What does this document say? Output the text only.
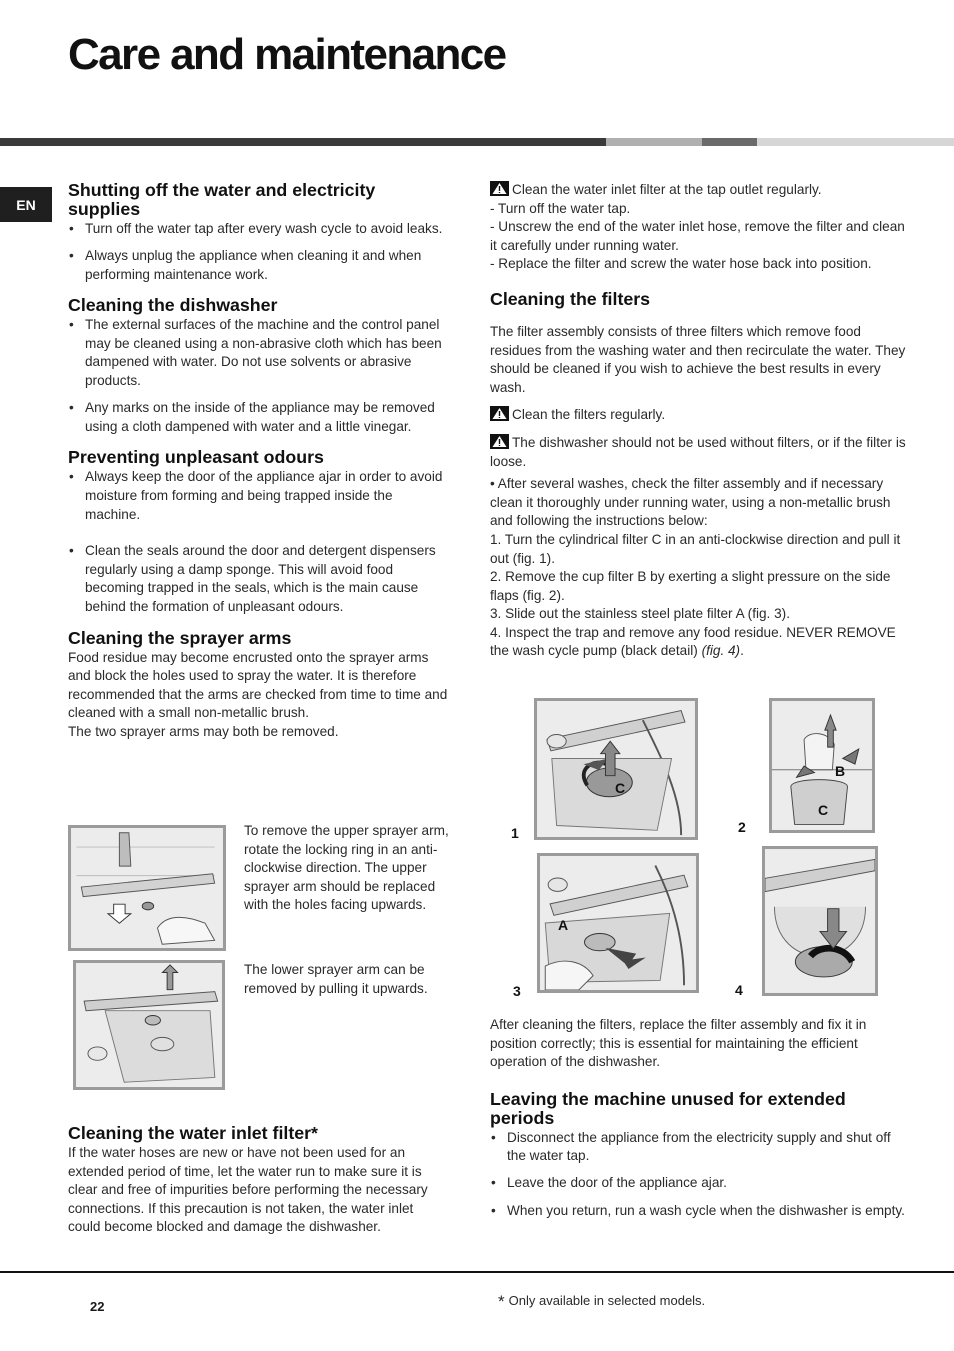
Care and maintenance
EN
Shutting off the water and electricity supplies
• Turn off the water tap after every wash cycle to avoid leaks.
• Always unplug the appliance when cleaning it and when performing maintenance work.
Cleaning the dishwasher
• The external surfaces of the machine and the control panel may be cleaned using a non-abrasive cloth which has been dampened with water. Do not use solvents or abrasive products.
• Any marks on the inside of the appliance may be removed using a cloth dampened with water and a little vinegar.
Preventing unpleasant odours
• Always keep the door of the appliance ajar in order to avoid moisture from forming and being trapped inside the machine.
• Clean the seals around the door and detergent dispensers regularly using a damp sponge. This will avoid food becoming trapped in the seals, which is the main cause behind the formation of unpleasant odours.
Cleaning the sprayer arms

Food residue may become encrusted onto the sprayer arms and block the holes used to spray the water. It is therefore recommended that the arms are checked from time to time and cleaned with a small non-metallic brush.

The two sprayer arms may both be removed.

To remove the upper sprayer arm, rotate the locking ring in an anti-clockwise direction. The upper sprayer arm should be replaced with the holes facing upwards.
The lower sprayer arm can be removed by pulling it upwards.
Cleaning the water inlet filter*

If the water hoses are new or have not been used for an extended period of time, let the water run to make sure it is clear and free of impurities before performing the necessary connections. If this precaution is not taken, the water inlet could become blocked and damage the dishwasher.

Clean the water inlet filter at the tap outlet regularly.

- Turn off the water tap.

- Unscrew the end of the water inlet hose, remove the filter and clean it carefully under running water.

- Replace the filter and screw the water hose back into position.

Cleaning the filters

The filter assembly consists of three filters which remove food residues from the washing water and then recirculate the water. They should be cleaned if you wish to achieve the best results in every wash.

Clean the filters regularly.

The dishwasher should not be used without filters, or if the filter is loose.

• After several washes, check the filter assembly and if necessary clean it thoroughly under running water, using a non-metallic brush and following the instructions below:

1. Turn the cylindrical filter C in an anti-clockwise direction and pull it out (fig. 1).

2. Remove the cup filter B by exerting a slight pressure on the side flaps (fig. 2).

3. Slide out the stainless steel plate filter A (fig. 3).

4. Inspect the trap and remove any food residue. NEVER REMOVE the wash cycle pump (black detail) (fig. 4).

1	2
3	4
C
B
C
A

After cleaning the filters, replace the filter assembly and fix it in position correctly; this is essential for maintaining the efficient operation of the dishwasher.

Leaving the machine unused for extended periods
• Disconnect the appliance from the electricity supply and shut off the water tap.
• Leave the door of the appliance ajar.
• When you return, run a wash cycle when the dishwasher is empty.
22	* Only available in selected models.
